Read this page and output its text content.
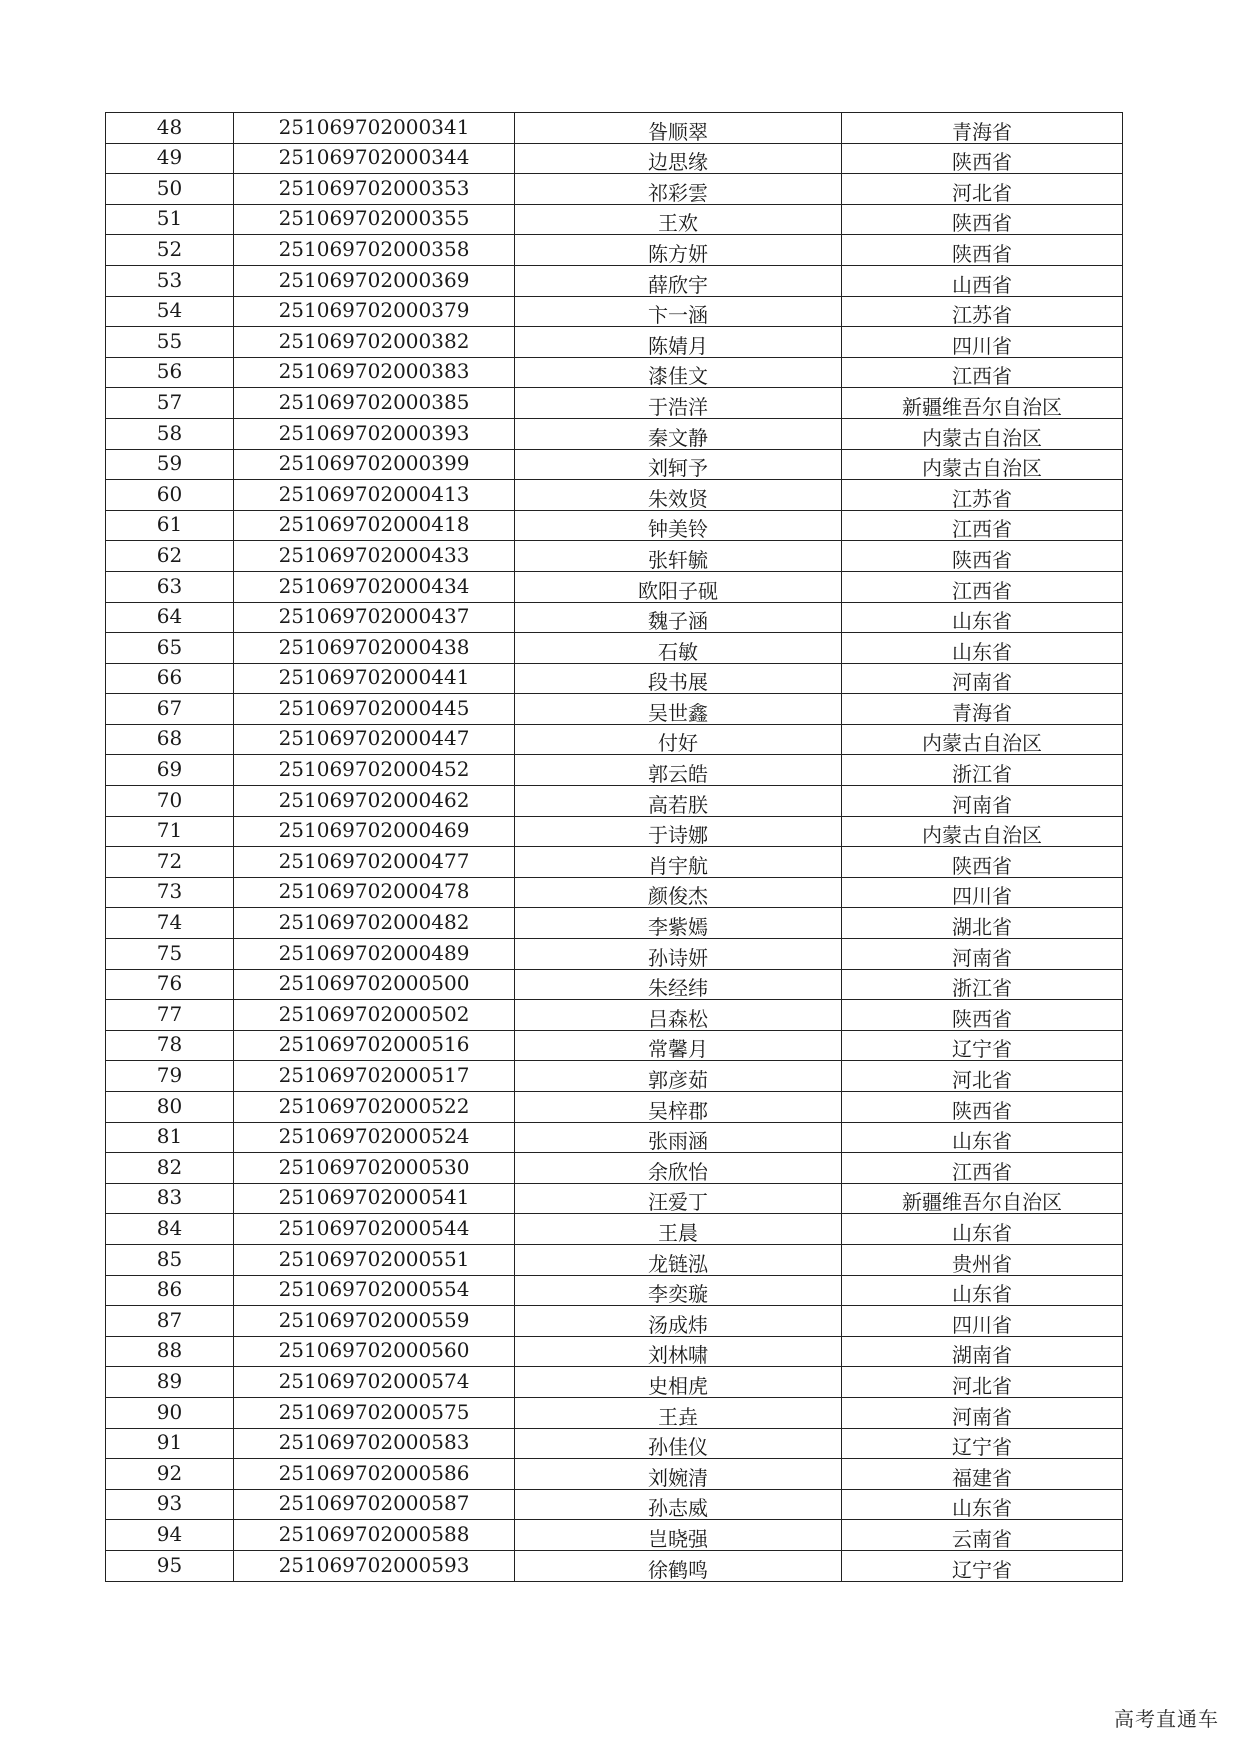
48	251069702000341	昝顺翠	青海省
49	251069702000344	边思缘	陕西省
50	251069702000353	祁彩雲	河北省
51	251069702000355	王欢	陕西省
52	251069702000358	陈方妍	陕西省
53	251069702000369	薛欣宇	山西省
54	251069702000379	卞一涵	江苏省
55	251069702000382	陈婧月	四川省
56	251069702000383	漆佳文	江西省
57	251069702000385	于浩洋	新疆维吾尔自治区
58	251069702000393	秦文静	内蒙古自治区
59	251069702000399	刘轲予	内蒙古自治区
60	251069702000413	朱效贤	江苏省
61	251069702000418	钟美铃	江西省
62	251069702000433	张轩毓	陕西省
63	251069702000434	欧阳子砚	江西省
64	251069702000437	魏子涵	山东省
65	251069702000438	石敏	山东省
66	251069702000441	段书展	河南省
67	251069702000445	吴世鑫	青海省
68	251069702000447	付好	内蒙古自治区
69	251069702000452	郭云皓	浙江省
70	251069702000462	高若朕	河南省
71	251069702000469	于诗娜	内蒙古自治区
72	251069702000477	肖宇航	陕西省
73	251069702000478	颜俊杰	四川省
74	251069702000482	李紫嫣	湖北省
75	251069702000489	孙诗妍	河南省
76	251069702000500	朱经纬	浙江省
77	251069702000502	吕森松	陕西省
78	251069702000516	常馨月	辽宁省
79	251069702000517	郭彦茹	河北省
80	251069702000522	吴梓郡	陕西省
81	251069702000524	张雨涵	山东省
82	251069702000530	余欣怡	江西省
83	251069702000541	汪爱丁	新疆维吾尔自治区
84	251069702000544	王晨	山东省
85	251069702000551	龙链泓	贵州省
86	251069702000554	李奕璇	山东省
87	251069702000559	汤成炜	四川省
88	251069702000560	刘林啸	湖南省
89	251069702000574	史相虎	河北省
90	251069702000575	王垚	河南省
91	251069702000583	孙佳仪	辽宁省
92	251069702000586	刘婉清	福建省
93	251069702000587	孙志威	山东省
94	251069702000588	岂晓强	云南省
95	251069702000593	徐鹤鸣	辽宁省
高考直通车
